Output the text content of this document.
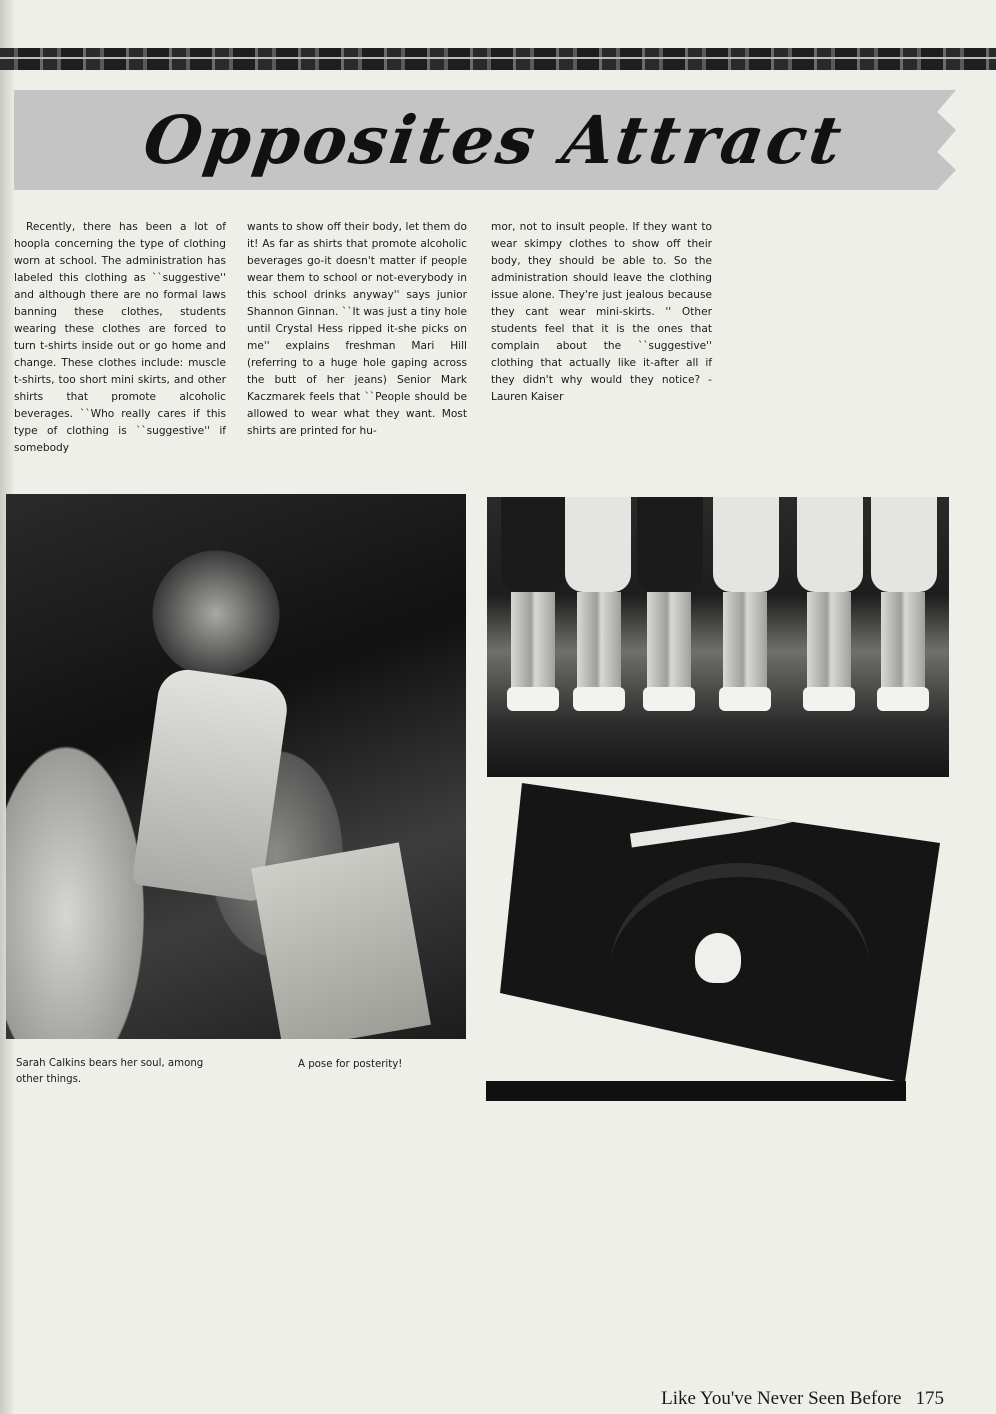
Opposites Attract
Recently, there has been a lot of hoopla concerning the type of clothing worn at school. The administration has labeled this clothing as ``suggestive'' and although there are no formal laws banning these clothes, students wearing these clothes are forced to turn t-shirts inside out or go home and change. These clothes include: muscle t-shirts, too short mini skirts, and other shirts that promote alcoholic beverages. ``Who really cares if this type of clothing is ``suggestive'' if somebody
wants to show off their body, let them do it! As far as shirts that promote alcoholic beverages go-it doesn't matter if people wear them to school or not-everybody in this school drinks anyway'' says junior Shannon Ginnan. ``It was just a tiny hole until Crystal Hess ripped it-she picks on me'' explains freshman Mari Hill (referring to a huge hole gaping across the butt of her jeans) Senior Mark Kaczmarek feels that ``People should be allowed to wear what they want. Most shirts are printed for hu-
mor, not to insult people. If they want to wear skimpy clothes to show off their body, they should be able to. So the administration should leave the clothing issue alone. They're just jealous because they cant wear mini-skirts. '' Other students feel that it is the ones that complain about the ``suggestive'' clothing that actually like it-after all if they didn't why would they notice? -Lauren Kaiser
Sarah Calkins bears her soul, among other things.
A pose for posterity!
Like You've Never Seen Before 175
